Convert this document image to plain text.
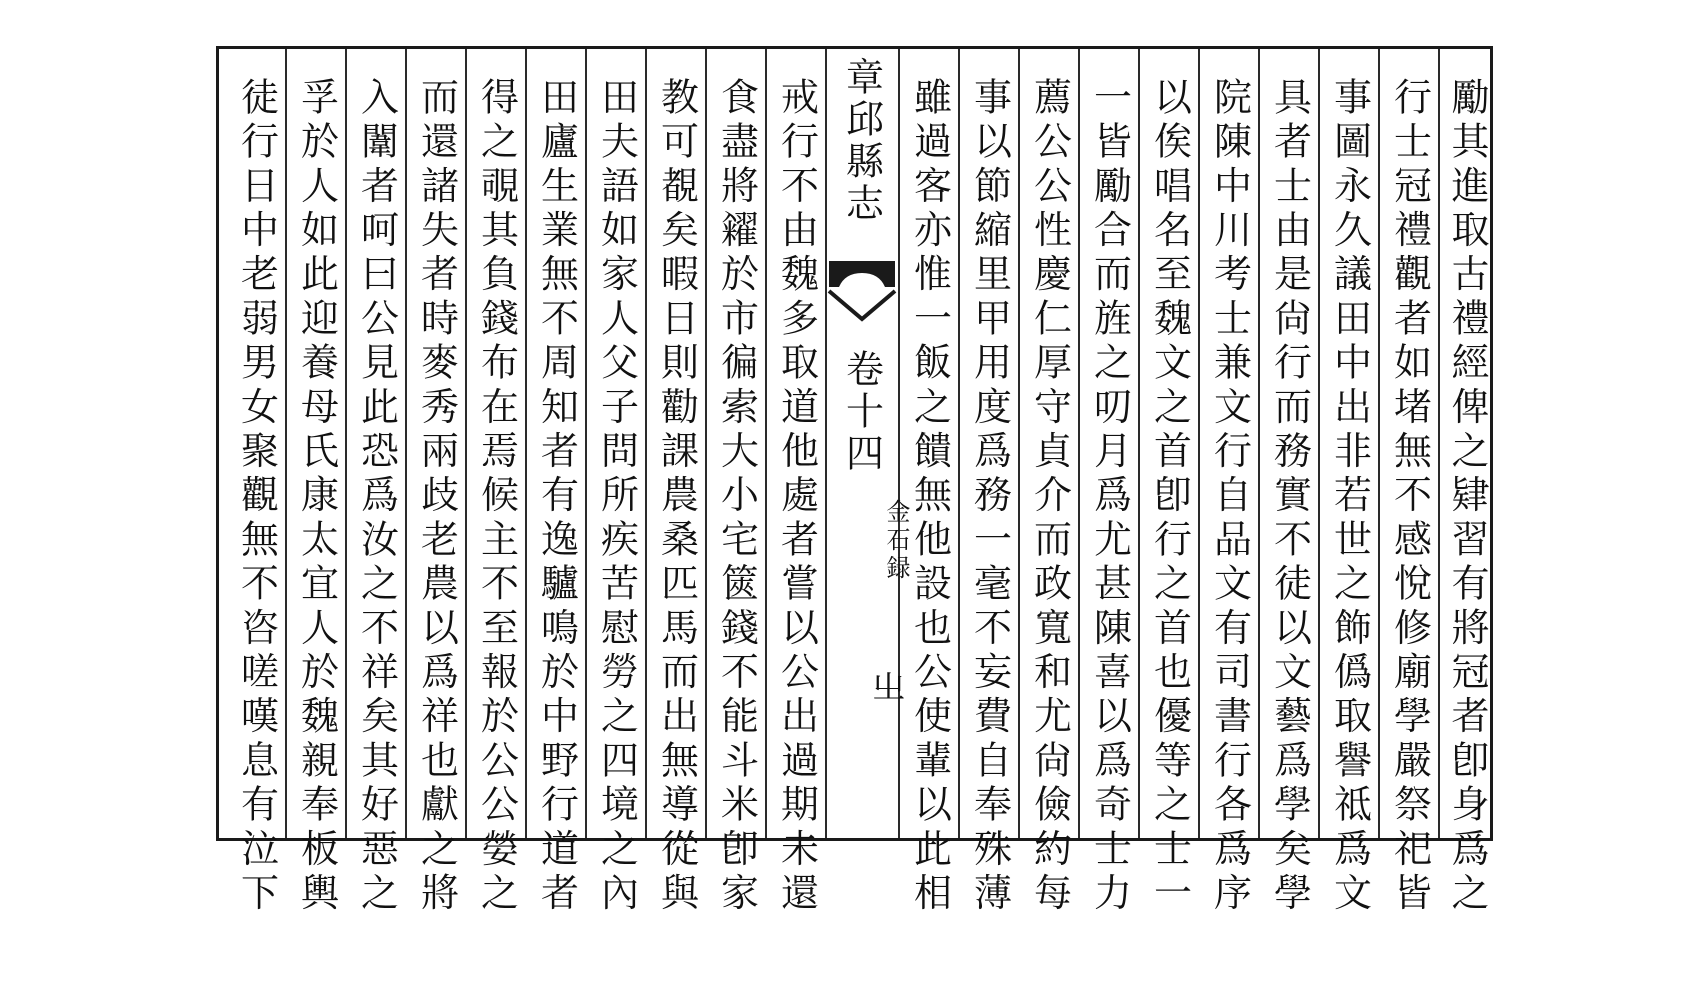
勵其進取古禮經俾之肄習有將冠者卽身爲之
行士冠禮觀者如堵無不感悅修廟學嚴祭祀皆
事圖永久議田中出非若世之飾僞取譽祗爲文
具者士由是尙行而務實不徒以文藝爲學矣學
院陳中川考士兼文行自品文有司書行各爲序
以俟唱名至魏文之首卽行之首也優等之士一
一皆勵合而旌之叨月爲尤甚陳喜以爲奇士力
薦公公性慶仁厚守貞介而政寬和尤尙儉約每
事以節縮里甲用度爲務一毫不妄費自奉殊薄
雖過客亦惟一飯之饋無他設也公使輩以此相
章邱縣志
卷十四
金石録
㞢
戒行不由魏多取道他處者嘗以公出過期未還
食盡將糴於市徧索大小宅篋錢不能斗米卽家
教可覩矣暇日則勸課農桑匹馬而出無導從與
田夫語如家人父子問所疾苦慰勞之四境之內
田廬生業無不周知者有逸驢鳴於中野行道者
得之覗其負錢布在焉候主不至報於公公嫈之
而還諸失者時麥秀兩歧老農以爲祥也獻之將
入闈者呵曰公見此恐爲汝之不祥矣其好惡之
孚於人如此迎養母氏康太宜人於魏親奉板輿
徒行日中老弱男女聚觀無不咨嗟嘆息有泣下
